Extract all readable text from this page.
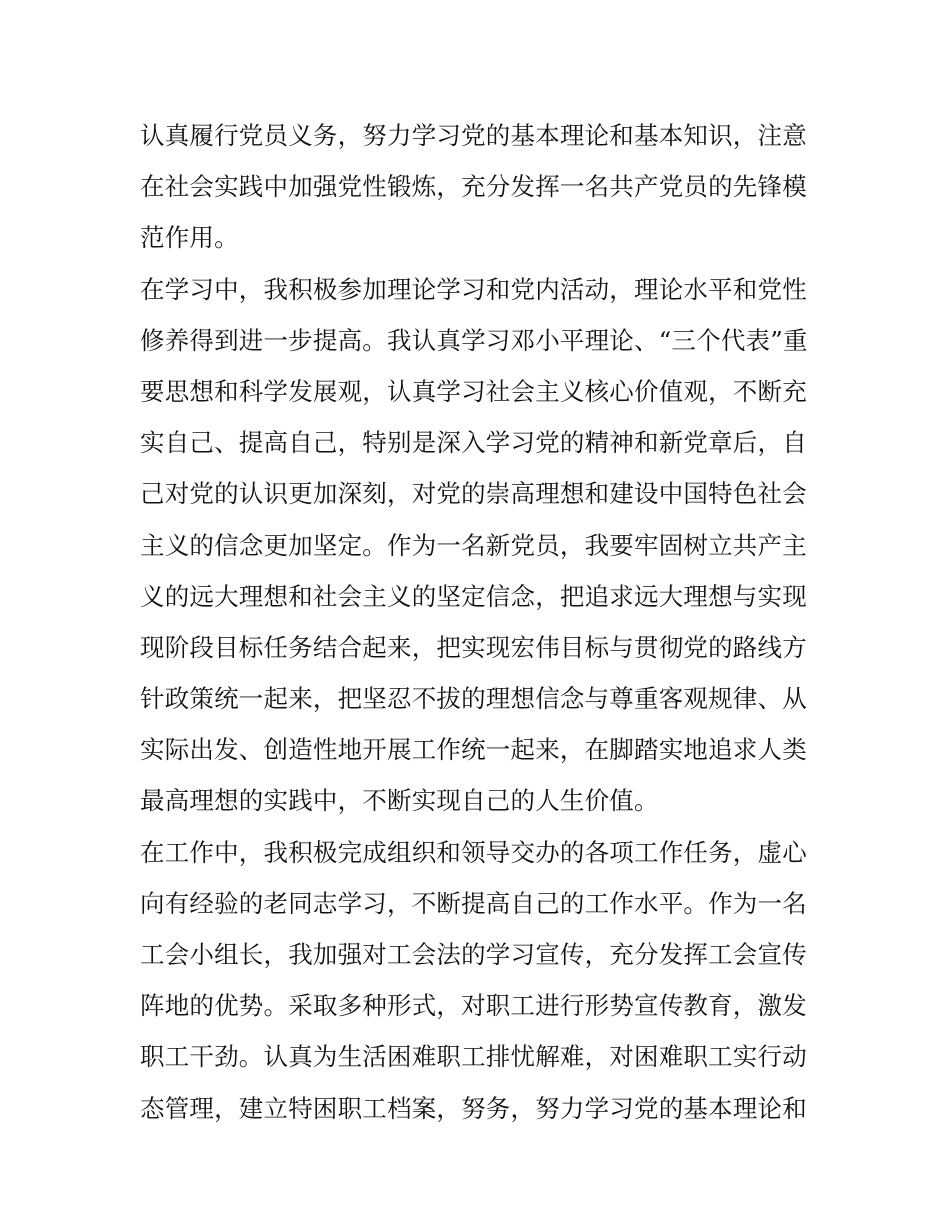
认真履行党员义务，努力学习党的基本理论和基本知识，注意
在社会实践中加强党性锻炼，充分发挥一名共产党员的先锋模
范作用。
在学习中，我积极参加理论学习和党内活动，理论水平和党性
修养得到进一步提高。我认真学习邓小平理论、“三个代表”重
要思想和科学发展观，认真学习社会主义核心价值观，不断充
实自己、提高自己，特别是深入学习党的精神和新党章后，自
己对党的认识更加深刻，对党的崇高理想和建设中国特色社会
主义的信念更加坚定。作为一名新党员，我要牢固树立共产主
义的远大理想和社会主义的坚定信念，把追求远大理想与实现
现阶段目标任务结合起来，把实现宏伟目标与贯彻党的路线方
针政策统一起来，把坚忍不拔的理想信念与尊重客观规律、从
实际出发、创造性地开展工作统一起来，在脚踏实地追求人类
最高理想的实践中，不断实现自己的人生价值。
在工作中，我积极完成组织和领导交办的各项工作任务，虚心
向有经验的老同志学习，不断提高自己的工作水平。作为一名
工会小组长，我加强对工会法的学习宣传，充分发挥工会宣传
阵地的优势。采取多种形式，对职工进行形势宣传教育，激发
职工干劲。认真为生活困难职工排忧解难，对困难职工实行动
态管理，建立特困职工档案，努务，努力学习党的基本理论和
